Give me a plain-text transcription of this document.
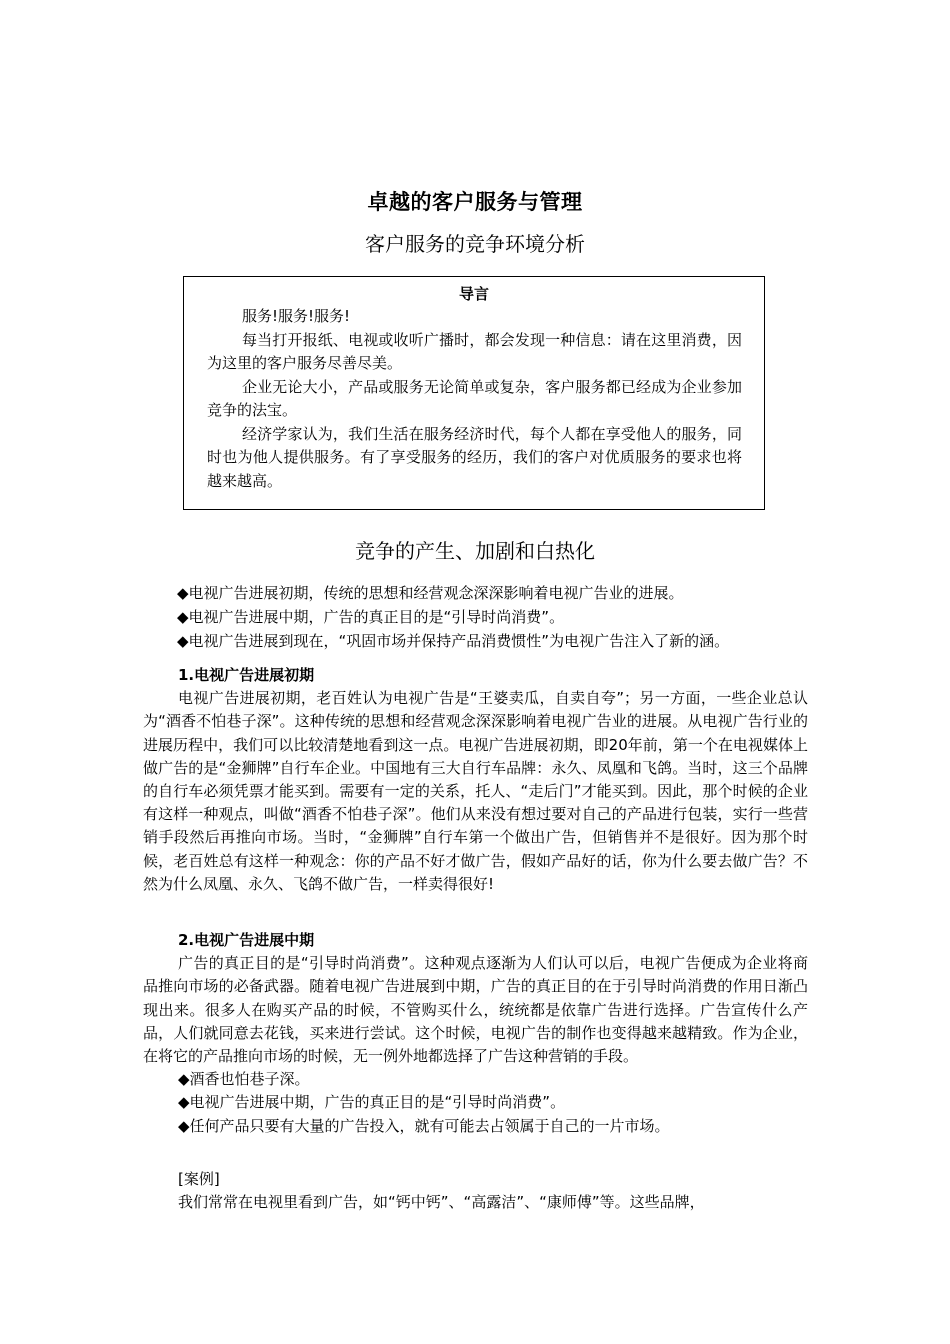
卓越的客户服务与管理
客户服务的竞争环境分析
导言

服务!服务!服务!

每当打开报纸、电视或收听广播时，都会发现一种信息：请在这里消费，因为这里的客户服务尽善尽美。

企业无论大小，产品或服务无论简单或复杂，客户服务都已经成为企业参加竞争的法宝。

经济学家认为，我们生活在服务经济时代，每个人都在享受他人的服务，同时也为他人提供服务。有了享受服务的经历，我们的客户对优质服务的要求也将越来越高。

竞争的产生、加剧和白热化

◆电视广告进展初期，传统的思想和经营观念深深影响着电视广告业的进展。

◆电视广告进展中期，广告的真正目的是“引导时尚消费”。

◆电视广告进展到现在，“巩固市场并保持产品消费惯性”为电视广告注入了新的涵。

1.电视广告进展初期

电视广告进展初期，老百姓认为电视广告是“王婆卖瓜，自卖自夸”；另一方面，一些企业总认为“酒香不怕巷子深”。这种传统的思想和经营观念深深影响着电视广告业的进展。从电视广告行业的进展历程中，我们可以比较清楚地看到这一点。电视广告进展初期，即20年前，第一个在电视媒体上做广告的是“金狮牌”自行车企业。中国地有三大自行车品牌：永久、凤凰和飞鸽。当时，这三个品牌的自行车必须凭票才能买到。需要有一定的关系，托人、“走后门”才能买到。因此，那个时候的企业有这样一种观点，叫做“酒香不怕巷子深”。他们从来没有想过要对自己的产品进行包装，实行一些营销手段然后再推向市场。当时，“金狮牌”自行车第一个做出广告，但销售并不是很好。因为那个时候，老百姓总有这样一种观念：你的产品不好才做广告，假如产品好的话，你为什么要去做广告？不然为什么凤凰、永久、飞鸽不做广告，一样卖得很好!

2.电视广告进展中期

广告的真正目的是“引导时尚消费”。这种观点逐渐为人们认可以后，电视广告便成为企业将商品推向市场的必备武器。随着电视广告进展到中期，广告的真正目的在于引导时尚消费的作用日渐凸现出来。很多人在购买产品的时候，不管购买什么，统统都是依靠广告进行选择。广告宣传什么产品，人们就同意去花钱，买来进行尝试。这个时候，电视广告的制作也变得越来越精致。作为企业，在将它的产品推向市场的时候，无一例外地都选择了广告这种营销的手段。

◆酒香也怕巷子深。

◆电视广告进展中期，广告的真正目的是“引导时尚消费”。

◆任何产品只要有大量的广告投入，就有可能去占领属于自己的一片市场。

[案例]

我们常常在电视里看到广告，如“钙中钙”、“高露洁”、“康师傅”等。这些品牌，
